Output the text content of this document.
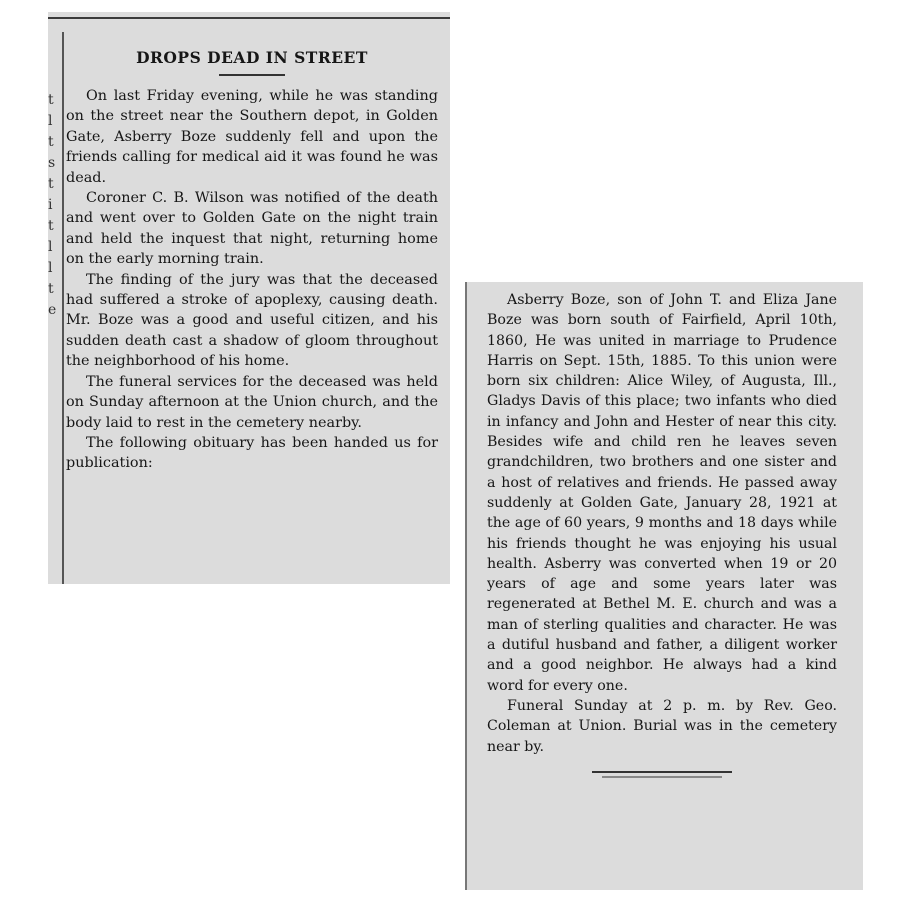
t
l
t
s
t
i
t
l
l
t
e
DROPS DEAD IN STREET

On last Friday evening, while he was standing on the street near the Southern depot, in Golden Gate, Asberry Boze suddenly fell and upon the friends calling for medical aid it was found he was dead.

Coroner C. B. Wilson was notified of the death and went over to Golden Gate on the night train and held the inquest that night, returning home on the early morning train.

The finding of the jury was that the deceased had suffered a stroke of apoplexy, causing death. Mr. Boze was a good and useful citizen, and his sudden death cast a shadow of gloom throughout the neighborhood of his home.

The funeral services for the deceased was held on Sunday afternoon at the Union church, and the body laid to rest in the cemetery nearby.

The following obituary has been handed us for publication:

Asberry Boze, son of John T. and Eliza Jane Boze was born south of Fairfield, April 10th, 1860, He was united in marriage to Prudence Harris on Sept. 15th, 1885. To this union were born six children: Alice Wiley, of Augusta, Ill., Gladys Davis of this place; two infants who died in infancy and John and Hester of near this city. Besides wife and child ren he leaves seven grandchildren, two brothers and one sister and a host of relatives and friends. He passed away suddenly at Golden Gate, January 28, 1921 at the age of 60 years, 9 months and 18 days while his friends thought he was enjoying his usual health. Asberry was converted when 19 or 20 years of age and some years later was regenerated at Bethel M. E. church and was a man of sterling qualities and character. He was a dutiful husband and father, a diligent worker and a good neighbor. He always had a kind word for every one.

Funeral Sunday at 2 p. m. by Rev. Geo. Coleman at Union. Burial was in the cemetery near by.
